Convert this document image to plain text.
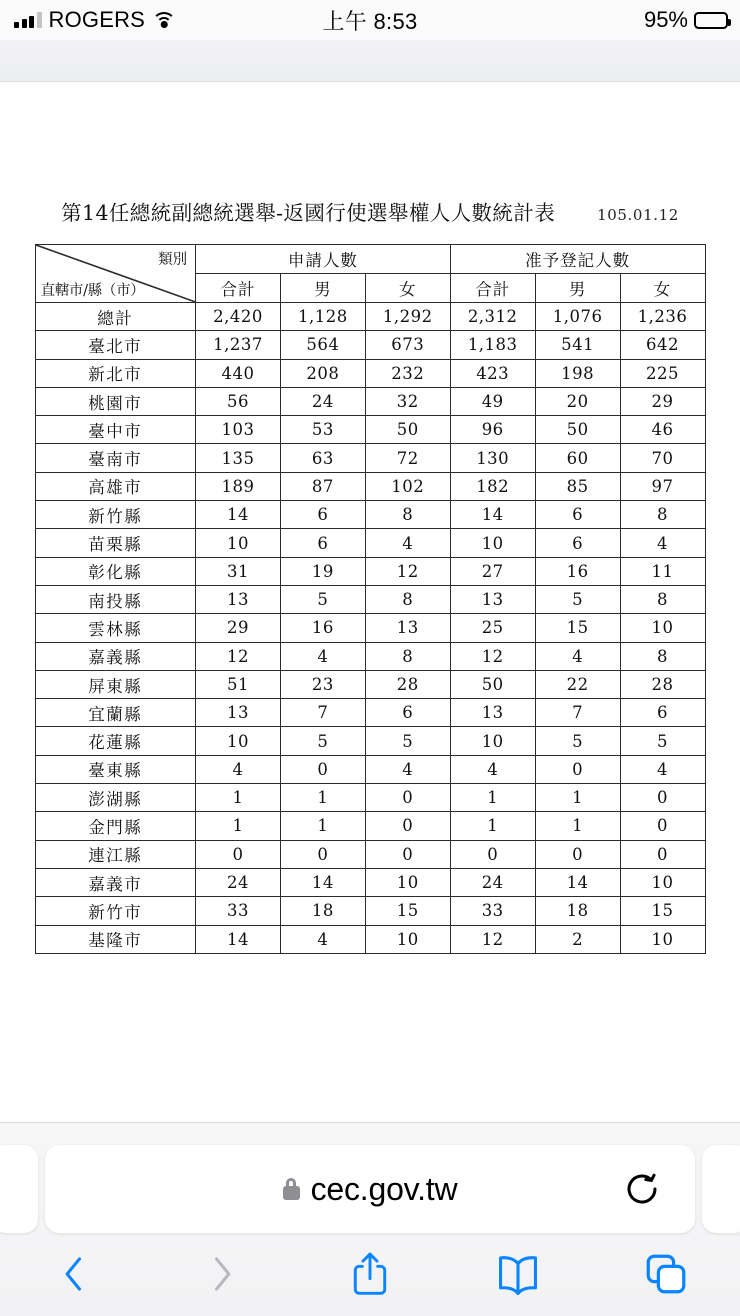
ROGERS	上午 8:53	95%
第14任總統副總統選舉-返國行使選舉權人人數統計表	105.01.12
類別
直轄市/縣（市）	申請人數			准予登記人數		
	合計	男	女	合計	男	女
總計	2,420	1,128	1,292	2,312	1,076	1,236
臺北市	1,237	564	673	1,183	541	642
新北市	440	208	232	423	198	225
桃園市	56	24	32	49	20	29
臺中市	103	53	50	96	50	46
臺南市	135	63	72	130	60	70
高雄市	189	87	102	182	85	97
新竹縣	14	6	8	14	6	8
苗栗縣	10	6	4	10	6	4
彰化縣	31	19	12	27	16	11
南投縣	13	5	8	13	5	8
雲林縣	29	16	13	25	15	10
嘉義縣	12	4	8	12	4	8
屏東縣	51	23	28	50	22	28
宜蘭縣	13	7	6	13	7	6
花蓮縣	10	5	5	10	5	5
臺東縣	4	0	4	4	0	4
澎湖縣	1	1	0	1	1	0
金門縣	1	1	0	1	1	0
連江縣	0	0	0	0	0	0
嘉義市	24	14	10	24	14	10
新竹市	33	18	15	33	18	15
基隆市	14	4	10	12	2	10
cec.gov.tw
